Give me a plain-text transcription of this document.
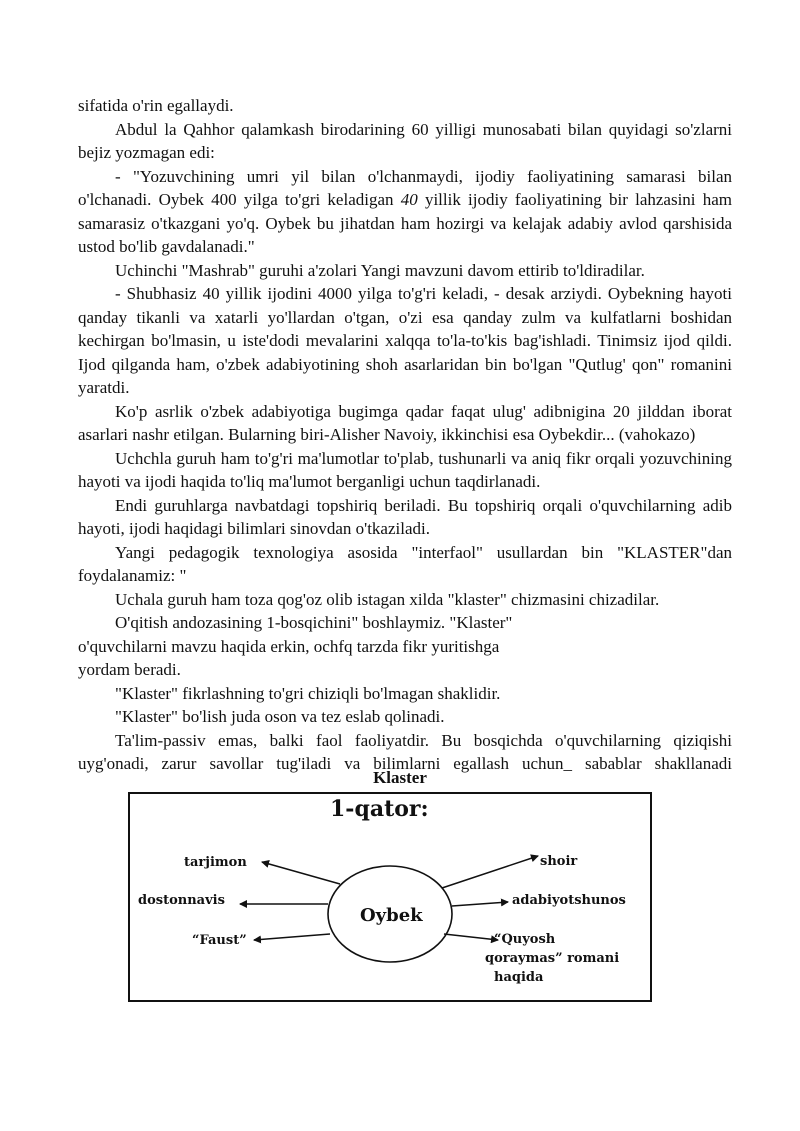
sifatida o'rin egallaydi.

Abdul la Qahhor qalamkash birodarining 60 yilligi munosabati bilan quyidagi so'zlarni bejiz yozmagan edi:

- "Yozuvchining umri yil bilan o'lchanmaydi, ijodiy faoliyatining samarasi bilan o'lchanadi. Oybek 400 yilga to'gri keladigan 40 yillik ijodiy faoliyatining bir lahzasini ham samarasiz o'tkazgani yo'q. Oybek bu jihatdan ham hozirgi va kelajak adabiy avlod qarshisida ustod bo'lib gavdalanadi."

Uchinchi "Mashrab" guruhi a'zolari Yangi mavzuni davom ettirib to'ldiradilar.

- Shubhasiz 40 yillik ijodini 4000 yilga to'g'ri keladi, - desak arziydi. Oybekning hayoti qanday tikanli va xatarli yo'llardan o'tgan, o'zi esa qanday zulm va kulfatlarni boshidan kechirgan bo'lmasin, u iste'dodi mevalarini xalqqa to'la-to'kis bag'ishladi. Tinimsiz ijod qildi. Ijod qilganda ham, o'zbek adabiyotining shoh asarlaridan bin bo'lgan "Qutlug' qon" romanini yaratdi.

Ko'p asrlik o'zbek adabiyotiga bugimga qadar faqat ulug' adibnigina 20 jilddan iborat asarlari nashr etilgan. Bularning biri-Alisher Navoiy, ikkinchisi esa Oybekdir... (vahokazo)

Uchchla guruh ham to'g'ri ma'lumotlar to'plab, tushunarli va aniq fikr orqali yozuvchining hayoti va ijodi haqida to'liq ma'lumot berganligi uchun taqdirlanadi.

Endi guruhlarga navbatdagi topshiriq beriladi. Bu topshiriq orqali o'quvchilarning adib hayoti, ijodi haqidagi bilimlari sinovdan o'tkaziladi.

Yangi pedagogik texnologiya asosida "interfaol" usullardan bin "KLASTER"dan foydalanamiz: "

Uchala guruh ham toza qog'oz olib istagan xilda "klaster" chizmasini chizadilar.

O'qitish andozasining 1-bosqichini" boshlaymiz. "Klaster"

o'quvchilarni mavzu haqida erkin, ochfq tarzda fikr yuritishga

yordam beradi.

"Klaster" fikrlashning to'gri chiziqli bo'lmagan shaklidir.

"Klaster" bo'lish juda oson va tez eslab qolinadi.

Ta'lim-passiv emas, balki faol faoliyatdir. Bu bosqichda o'quvchilarning qiziqishi uyg'onadi, zarur savollar tug'iladi va bilimlarni egallash uchun_ sabablar shakllanadi

Klaster
1-qator:
Oybek
tarjimon
dostonnavis
“Faust”
shoir
adabiyotshunos
“Quyosh
qoraymas” romani
haqida
